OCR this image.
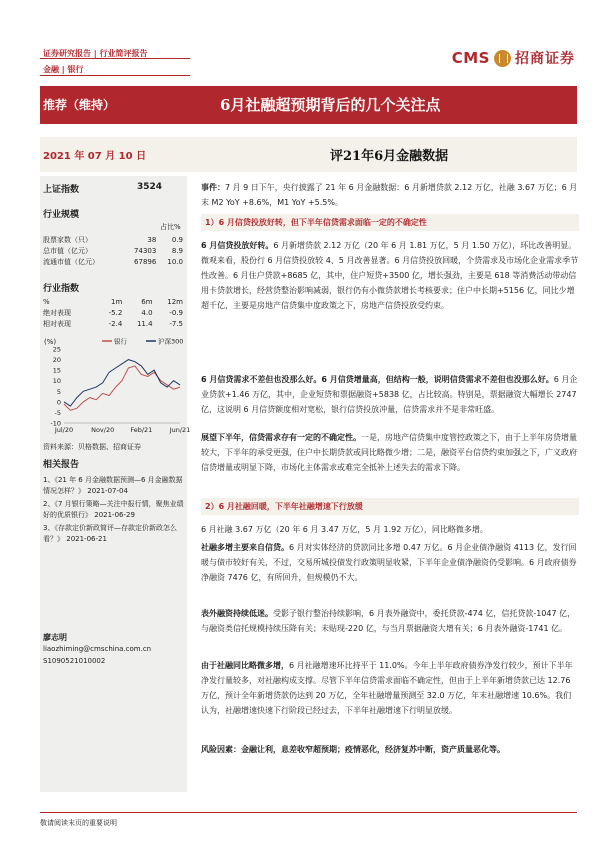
证券研究报告 | 行业简评报告
金融 | 银行
CMS 招商证券
推荐（维持）	6月社融超预期背后的几个关注点
2021 年 07 月 10 日	评21年6月金融数据
上证指数	3524
行业规模
占比%
股票家数（只）	38	0.9
总市值（亿元）	74303	8.9
流通市值（亿元）	67896	10.0
行业指数
%	1m	6m	12m
绝对表现	-5.2	4.0	-0.9
相对表现	-2.4	11.4	-7.5
(%)	银行	沪深300
-10
-5
0
5
10
15
20
25
Jul/20	Nov/20 Feb/21	Jun/21
资料来源：贝格数据、招商证券
相关报告
1、《21 年 6 月金融数据预测—6 月金融数据情况怎样？》 2021-07-04
2、《7 月银行策略—关注中报行情，聚焦业绩好的优质银行》 2021-06-29
3、《存款定价新政简评—存款定价新政怎么看？》 2021-06-21
廖志明
liaozhiming@cmschina.com.cn
S1090521010002

事件：7 月 9 日下午，央行披露了 21 年 6 月金融数据：6 月新增贷款 2.12 万亿，社融 3.67 万亿；6 月末 M2 YoY +8.6%，M1 YoY +5.5%。

1）6 月信贷投放好转，但下半年信贷需求面临一定的不确定性

6 月信贷投放好转。6 月新增贷款 2.12 万亿（20 年 6 月 1.81 万亿，5 月 1.50 万亿），环比改善明显。微观来看，股份行 6 月信贷投放较 4、5 月改善显著。6 月信贷投放回暖，个贷需求及市场化企业需求季节性改善。6 月住户贷款+8685 亿，其中，住户短贷+3500 亿，增长强劲，主要是 618 等消费活动带动信用卡贷款增长，经营贷整治影响减弱，银行仍有小微贷款增长考核要求；住户中长期+5156 亿，同比少增超千亿，主要是房地产信贷集中度政策之下，房地产信贷投放受约束。

6 月信贷需求不差但也没那么好。6 月信贷增量高，但结构一般，说明信贷需求不差但也没那么好。6 月企业贷款+1.46 万亿，其中，企业短贷和票据融资+5838 亿，占比较高。特别是，票据融资大幅增长 2747 亿，这说明 6 月信贷额度相对宽松，银行信贷投放冲量，信贷需求并不是非常旺盛。

展望下半年，信贷需求存有一定的不确定性。一是，房地产信贷集中度管控政策之下，由于上半年房贷增量较大，下半年的承受更强，住户中长期贷款或同比略微少增；二是，融资平台信贷约束加强之下，广义政府信贷增量或明显下降，市场化主体需求或难完全抵补上述失去的需求下降。

2）6 月社融回暖，下半年社融增速下行放缓

6 月社融 3.67 万亿（20 年 6 月 3.47 万亿，5 月 1.92 万亿），同比略微多增。

社融多增主要来自信贷。6 月对实体经济的贷款同比多增 0.47 万亿。6 月企业债净融资 4113 亿，发行回暖与债市较好有关，不过，交易所城投债发行政策明显收紧，下半年企业债净融资仍受影响。6 月政府债券净融资 7476 亿，有所回升，但规模仍不大。

表外融资持续低迷。受影子银行整治持续影响，6 月表外融资中，委托贷款-474 亿，信托贷款-1047 亿，与融资类信托规模持续压降有关；未贴现-220 亿，与当月票据融资大增有关；6 月表外融资-1741 亿。

由于社融同比略微多增，6 月社融增速环比持平于 11.0%。今年上半年政府债券净发行较少，预计下半年净发行量较多，对社融构成支撑。尽管下半年信贷需求面临不确定性，但由于上半年新增贷款已达 12.76 万亿，预计全年新增贷款仍达到 20 万亿，全年社融增量预测至 32.0 万亿，年末社融增速 10.6%。我们认为，社融增速快速下行阶段已经过去，下半年社融增速下行明显放缓。

风险因素：金融让利，息差收窄超预期；疫情恶化，经济复苏中断，资产质量恶化等。
敬请阅读末页的重要说明
